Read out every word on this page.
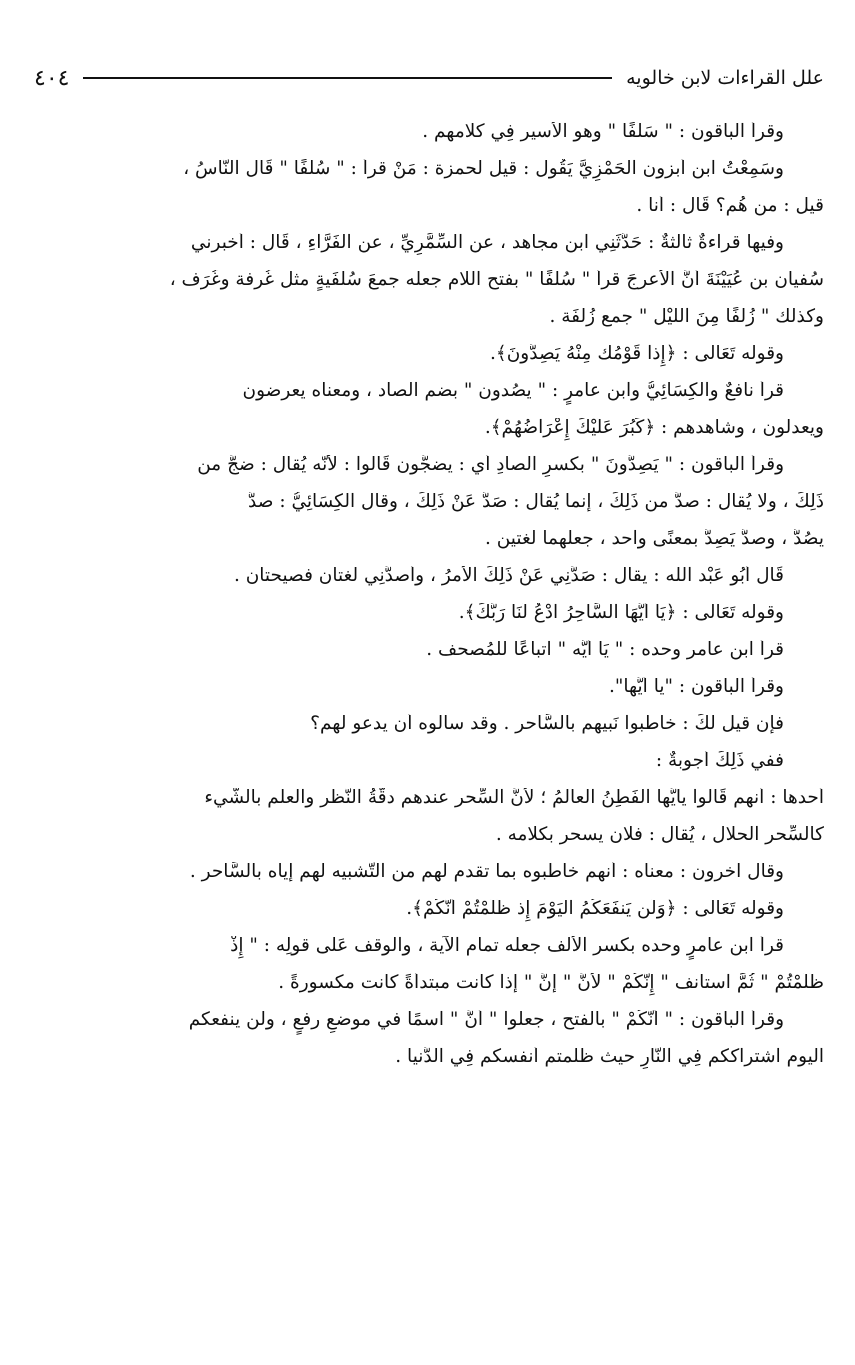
علل القراءات لابن خالويه
٤٠٤
وقرأ الباقون : " سَلَفًا " وهو الأسير فِي كلامهم .
وسَمِعْتُ ابن أبزون الحَمْزِيَّ يَقُول : قيل لحمزة : مَنْ قرأ : " سُلفًا " قَال النَّاسُ ،
قيل : من هُم؟ قَال : أنا .
وفيها قراءةٌ ثالثةٌ : حَدَّثَنِي ابن مجاهد ، عن السِّمَّرِيِّ ، عن الفَرَّاءِ ، قَال : أخبرني
سُفيان بن عُيَيْنَةَ أنَّ الأعرجَ قرأ " سُلفًا " بفتح اللام جعله جمعَ سُلفَيةٍ مثل غُرفة وغُرَف ،
وكذلك " زُلفًا مِنَ اللَيْل " جمع زُلفَة .
وقوله تَعَالى : ﴿إِذا قَوْمُك مِنْهُ يَصِدُّونَ﴾.
قرأ نافعٌ والكِسَائِيُّ وابن عامرٍ : " يصُدون " بضم الصاد ، ومعناه يعرضون
ويعدلون ، وشاهدهم : ﴿كَبُرَ عَلَيْكَ إِعْرَاضُهُمْ﴾.
وقرأ الباقون : " يَصِدُّونَ " بكسرِ الصادِ أي : يضجُّون قَالوا : لأنَّه يُقال : ضجَّ من
ذَلِكَ ، ولا يُقال : صدَّ من ذَلِكَ ، إنما يُقال : صَدَّ عَنْ ذَلِكَ ، وقال الكِسَائِيُّ : صدَّ
يصُدُّ ، وصدَّ يَصِدُّ بمعنًى واحد ، جعلهما لغتين .
قَال أَبُو عَبْد الله : يقال : صَدَّنِي عَنْ ذَلِكَ الأمرُ ، وأَصدَّنِي لغتان فصيحتان .
وقوله تَعَالى : ﴿يَا أَيُّهَا السَّاحِرُ ادْعُ لَنَا رَبَّكَ﴾.
قرأ ابن عامر وحده : " يَا أَيُّه " اتباعًا للمُصحف .
وقرأ الباقون : "يا أَيُّها".
فإن قيل لكَ : خاطبوا نَبيهم بالسَّاحر . وقد سألوه أن يدعو لهم؟
ففي ذَلِكَ أجوبةٌ :
أحدها : أنهم قَالوا يأَيُّها الفَطِنُ العالمُ ؛ لأنَّ السِّحر عندهم دقَّةُ النَّظر والعلم بالشّيء
كالسِّحر الحلال ، يُقال : فلان يسحر بكلامه .
وقال آخرون : معناه : أنهم خاطبوه بما تقدم لهم من التَّشبيه لهم إياه بالسَّاحر .
وقوله تَعَالى : ﴿وَلَن يَنفَعَكُمُ اليَوْمَ إِذ ظَلَمْتُمْ أَنَّكُمْ﴾.
قرأ ابن عامرٍ وحده بكسر الألف جعله تمام الآية ، والوقف عَلى قولِه : " إِذْ
ظَلَمْتُمْ " ثُمَّ استأنف " إِنَّكُمْ " لأنَّ " إنَّ " إذا كانت مبتدأةً كانت مكسورةً .
وقرأ الباقون : " أَنَّكُمْ " بالفتح ، جعلوا " أنَّ " اسمًا في موضعِ رفعٍ ، ولن ينفعكم
اليوم اشتراككم فِي النَّارِ حيث ظلمتم أنفسكم فِي الدُّنيا .
